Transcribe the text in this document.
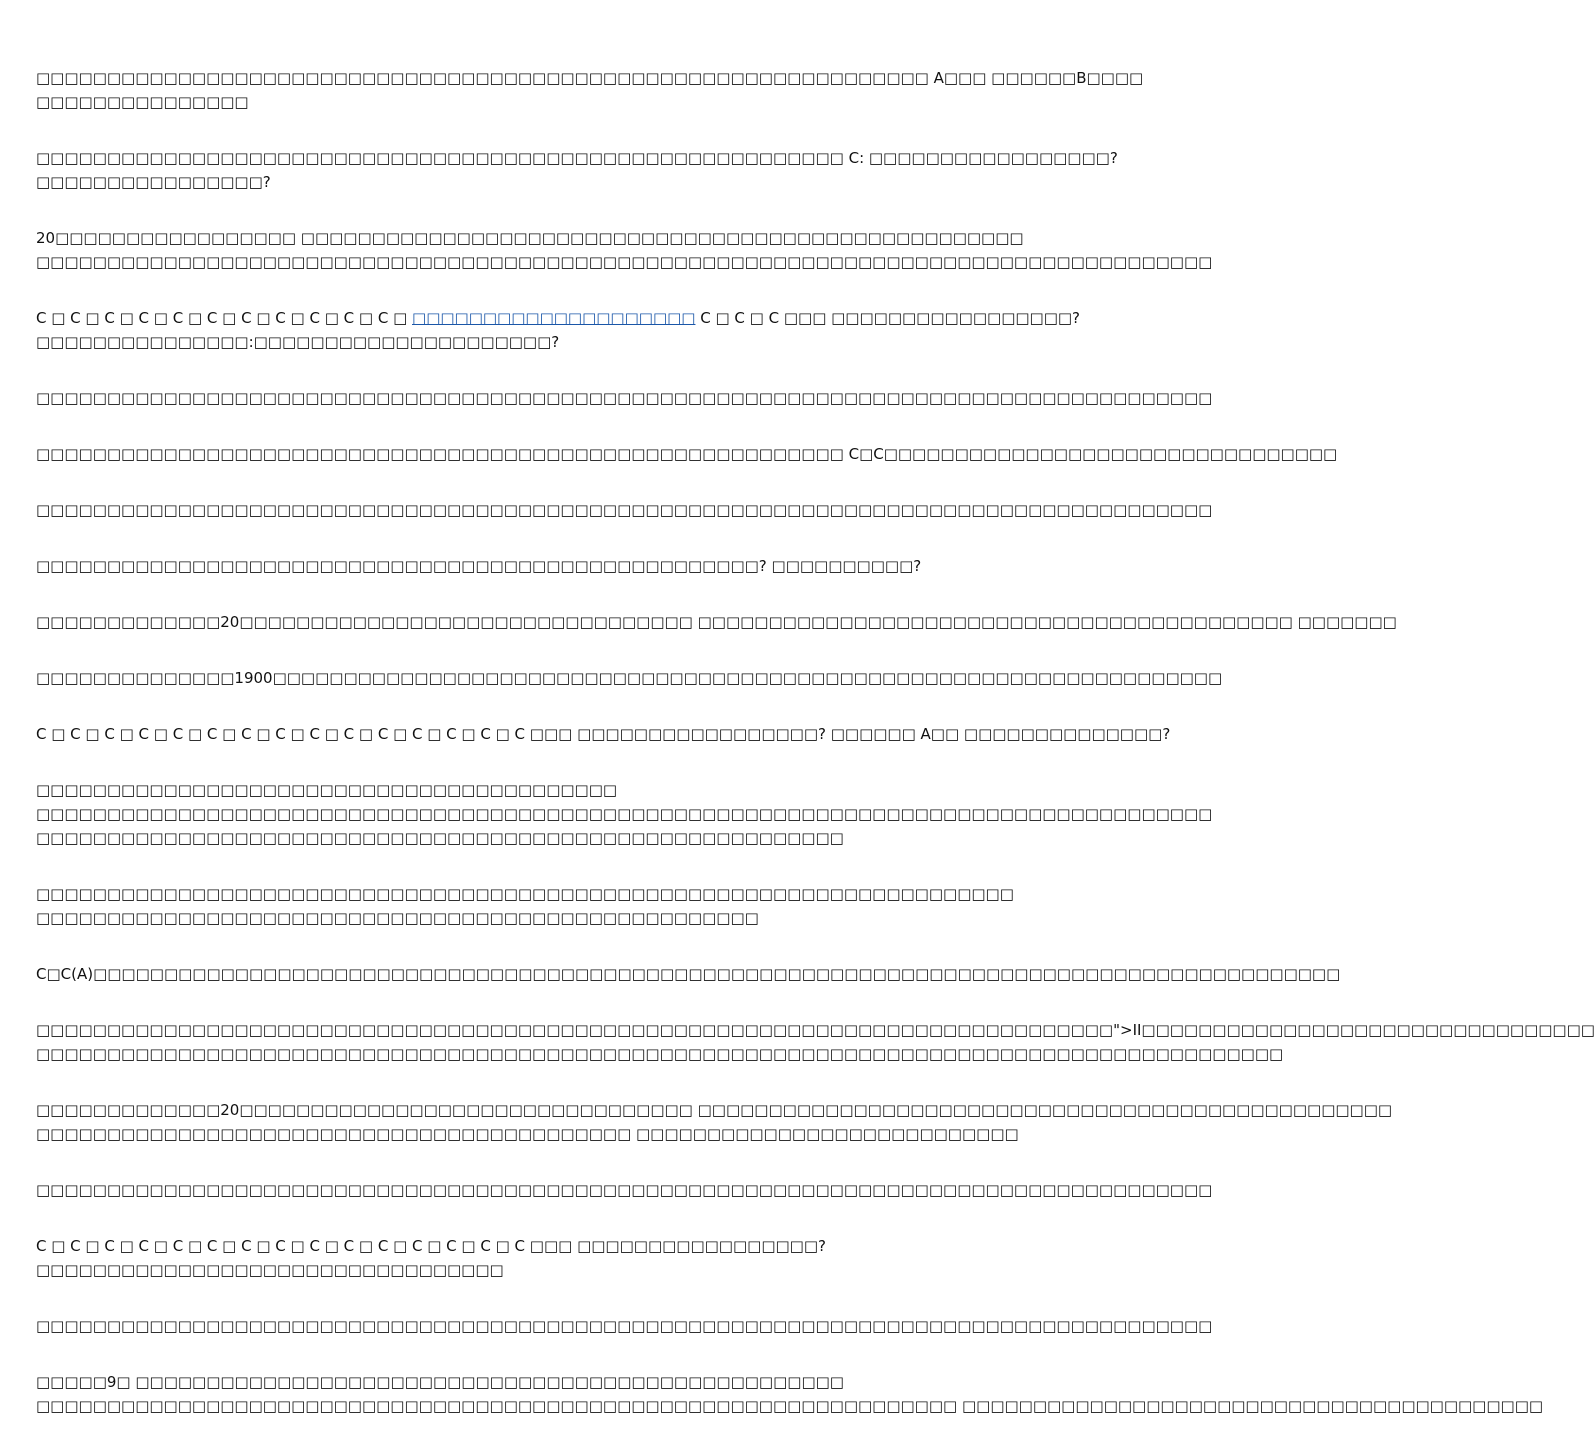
□□□□□□□□□□□□□□□□□□□□□□□□□□□□□□□□□□□□□□□□□□□□□□□□□□□□□□□□□□□□□□□ A□□□ □□□□□□B□□□□
□□□□□□□□□□□□□□□

□□□□□□□□□□□□□□□□□□□□□□□□□□□□□□□□□□□□□□□□□□□□□□□□□□□□□□□□□ C: □□□□□□□□□□□□□□□□□?
□□□□□□□□□□□□□□□□?

20□□□□□□□□□□□□□□□□□ □□□□□□□□□□□□□□□□□□□□□□□□□□□□□□□□□□□□□□□□□□□□□□□□□□□
□□□□□□□□□□□□□□□□□□□□□□□□□□□□□□□□□□□□□□□□□□□□□□□□□□□□□□□□□□□□□□□□□□□□□□□□□□□□□□□□□□□

C □ C □ C □ C □ C □ C □ C □ C □ C □ C □ C □ □□□□□□□□□□□□□□□□□□□□ C □ C □ C □□□ □□□□□□□□□□□□□□□□□?
□□□□□□□□□□□□□□□:□□□□□□□□□□□□□□□□□□□□□?

□□□□□□□□□□□□□□□□□□□□□□□□□□□□□□□□□□□□□□□□□□□□□□□□□□□□□□□□□□□□□□□□□□□□□□□□□□□□□□□□□□□

□□□□□□□□□□□□□□□□□□□□□□□□□□□□□□□□□□□□□□□□□□□□□□□□□□□□□□□□□ C□C□□□□□□□□□□□□□□□□□□□□□□□□□□□□□□□□

□□□□□□□□□□□□□□□□□□□□□□□□□□□□□□□□□□□□□□□□□□□□□□□□□□□□□□□□□□□□□□□□□□□□□□□□□□□□□□□□□□□

□□□□□□□□□□□□□□□□□□□□□□□□□□□□□□□□□□□□□□□□□□□□□□□□□□□? □□□□□□□□□□?

□□□□□□□□□□□□□20□□□□□□□□□□□□□□□□□□□□□□□□□□□□□□□□ □□□□□□□□□□□□□□□□□□□□□□□□□□□□□□□□□□□□□□□□□□ □□□□□□□

□□□□□□□□□□□□□□1900□□□□□□□□□□□□□□□□□□□□□□□□□□□□□□□□□□□□□□□□□□□□□□□□□□□□□□□□□□□□□□□□□□□

C □ C □ C □ C □ C □ C □ C □ C □ C □ C □ C □ C □ C □ C □ C □□□ □□□□□□□□□□□□□□□□□? □□□□□□ A□□ □□□□□□□□□□□□□□?

□□□□□□□□□□□□□□□□□□□□□□□□□□□□□□□□□□□□□□□□□
□□□□□□□□□□□□□□□□□□□□□□□□□□□□□□□□□□□□□□□□□□□□□□□□□□□□□□□□□□□□□□□□□□□□□□□□□□□□□□□□□□□
□□□□□□□□□□□□□□□□□□□□□□□□□□□□□□□□□□□□□□□□□□□□□□□□□□□□□□□□□

□□□□□□□□□□□□□□□□□□□□□□□□□□□□□□□□□□□□□□□□□□□□□□□□□□□□□□□□□□□□□□□□□□□□□
□□□□□□□□□□□□□□□□□□□□□□□□□□□□□□□□□□□□□□□□□□□□□□□□□□□

C□C(A)□□□□□□□□□□□□□□□□□□□□□□□□□□□□□□□□□□□□□□□□□□□□□□□□□□□□□□□□□□□□□□□□□□□□□□□□□□□□□□□□□□□□□□□□

□□□□□□□□□□□□□□□□□□□□□□□□□□□□□□□□□□□□□□□□□□□□□□□□□□□□□□□□□□□□□□□□□□□□□□□□□□□□">II□□□□□□□□□□□□□□□□□□□□□□□□□□□□□□□□
□□□□□□□□□□□□□□□□□□□□□□□□□□□□□□□□□□□□□□□□□□□□□□□□□□□□□□□□□□□□□□□□□□□□□□□□□□□□□□□□□□□□□□□□

□□□□□□□□□□□□□20□□□□□□□□□□□□□□□□□□□□□□□□□□□□□□□□ □□□□□□□□□□□□□□□□□□□□□□□□□□□□□□□□□□□□□□□□□□□□□□□□□
□□□□□□□□□□□□□□□□□□□□□□□□□□□□□□□□□□□□□□□□□□ □□□□□□□□□□□□□□□□□□□□□□□□□□□

□□□□□□□□□□□□□□□□□□□□□□□□□□□□□□□□□□□□□□□□□□□□□□□□□□□□□□□□□□□□□□□□□□□□□□□□□□□□□□□□□□□

C □ C □ C □ C □ C □ C □ C □ C □ C □ C □ C □ C □ C □ C □ C □□□ □□□□□□□□□□□□□□□□□?
□□□□□□□□□□□□□□□□□□□□□□□□□□□□□□□□□

□□□□□□□□□□□□□□□□□□□□□□□□□□□□□□□□□□□□□□□□□□□□□□□□□□□□□□□□□□□□□□□□□□□□□□□□□□□□□□□□□□□

□□□□□9□ □□□□□□□□□□□□□□□□□□□□□□□□□□□□□□□□□□□□□□□□□□□□□□□□□□
□□□□□□□□□□□□□□□□□□□□□□□□□□□□□□□□□□□□□□□□□□□□□□□□□□□□□□□□□□□□□□□□□ □□□□□□□□□□□□□□□□□□□□□□□□□□□□□□□□□□□□□□□□□
